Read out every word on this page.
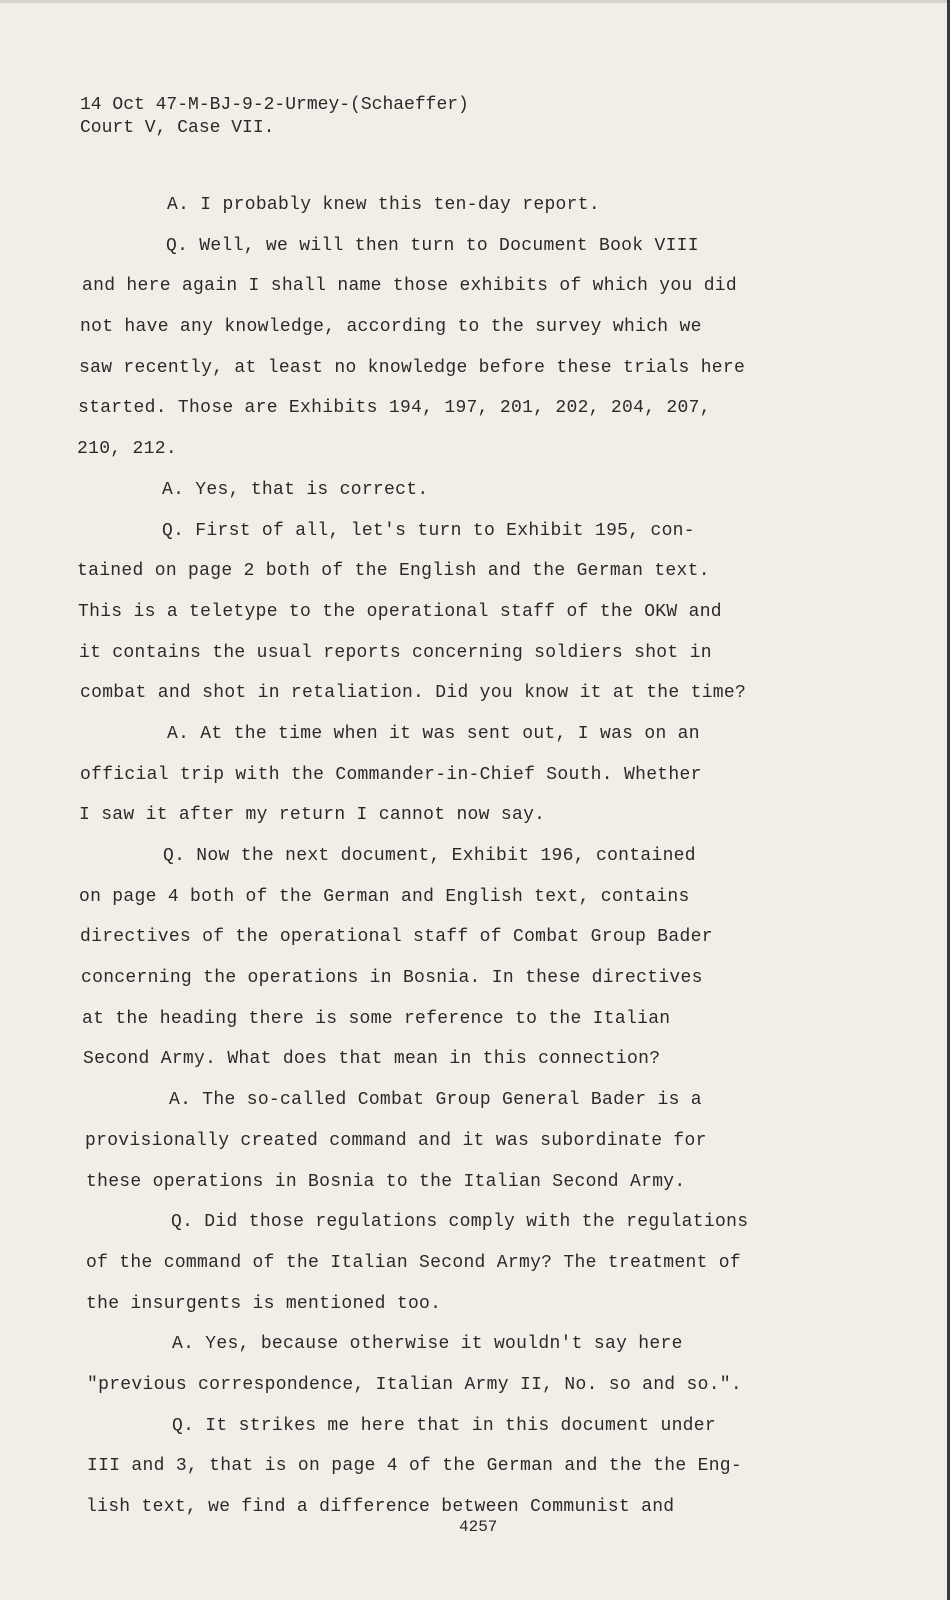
14 Oct 47-M-BJ-9-2-Urmey-(Schaeffer)
Court V, Case VII.
A. I probably knew this ten-day report.
Q. Well, we will then turn to Document Book VIII
and here again I shall name those exhibits of which you did
not have any knowledge, according to the survey which we
saw recently, at least no knowledge before these trials here
started. Those are Exhibits 194, 197, 201, 202, 204, 207,
210, 212.
A. Yes, that is correct.
Q. First of all, let's turn to Exhibit 195, con-
tained on page 2 both of the English and the German text.
This is a teletype to the operational staff of the OKW and
it contains the usual reports concerning soldiers shot in
combat and shot in retaliation. Did you know it at the time?
A. At the time when it was sent out, I was on an
official trip with the Commander-in-Chief South. Whether
I saw it after my return I cannot now say.
Q. Now the next document, Exhibit 196, contained
on page 4 both of the German and English text, contains
directives of the operational staff of Combat Group Bader
concerning the operations in Bosnia. In these directives
at the heading there is some reference to the Italian
Second Army. What does that mean in this connection?
A. The so-called Combat Group General Bader is a
provisionally created command and it was subordinate for
these operations in Bosnia to the Italian Second Army.
Q. Did those regulations comply with the regulations
of the command of the Italian Second Army? The treatment of
the insurgents is mentioned too.
A. Yes, because otherwise it wouldn't say here
"previous correspondence, Italian Army II, No. so and so.".
Q. It strikes me here that in this document under
III and 3, that is on page 4 of the German and the the Eng-
lish text, we find a difference between Communist and
4257
